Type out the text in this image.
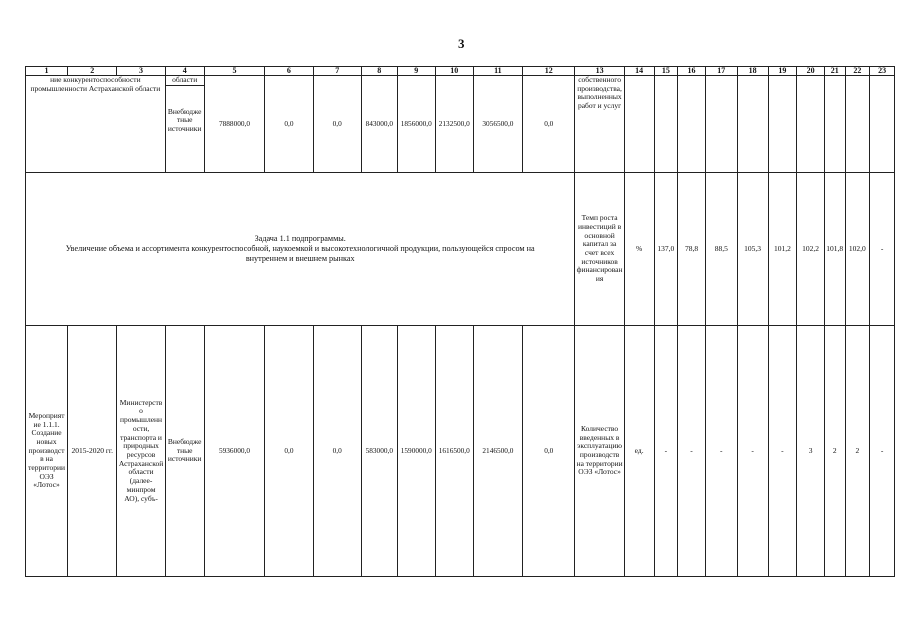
3
1	2	3	4	5	6	7	8	9	10	11	12	13	14	15	16	17	18	19	20	21	22	23
ние конкурентоспособности промышленности Астраханской области			области
Внебюджетные источники	7888000,0	0,0	0,0	843000,0	1856000,0	2132500,0	3056500,0	0,0	собственного производства, выполненных работ и услуг										

Задача 1.1 подпрограммы.
Увеличение объема и ассортимента конкурентоспособной, наукоемкой и высокотехнологичной продукции, пользующейся спросом на внутреннем и внешнем рынках												Темп роста инвестиций в основной капитал за счет всех источников финансирования	%	137,0	78,8	88,5	105,3	101,2	102,2	101,8	102,0	-
Мероприятие 1.1.1. Создание новых производств на территории ОЭЗ «Лотос»	2015-2020 гг.	Министерство промышленности, транспорта и природных ресурсов Астраханской области (далее-минпром АО), субъ-	Внебюджетные источники	5936000,0	0,0	0,0	583000,0	1590000,0	1616500,0	2146500,0	0,0	Количество введенных в эксплуатацию производств на территории ОЭЗ «Лотос»	ед.	-	-	-	-	-	3	2	2	-
